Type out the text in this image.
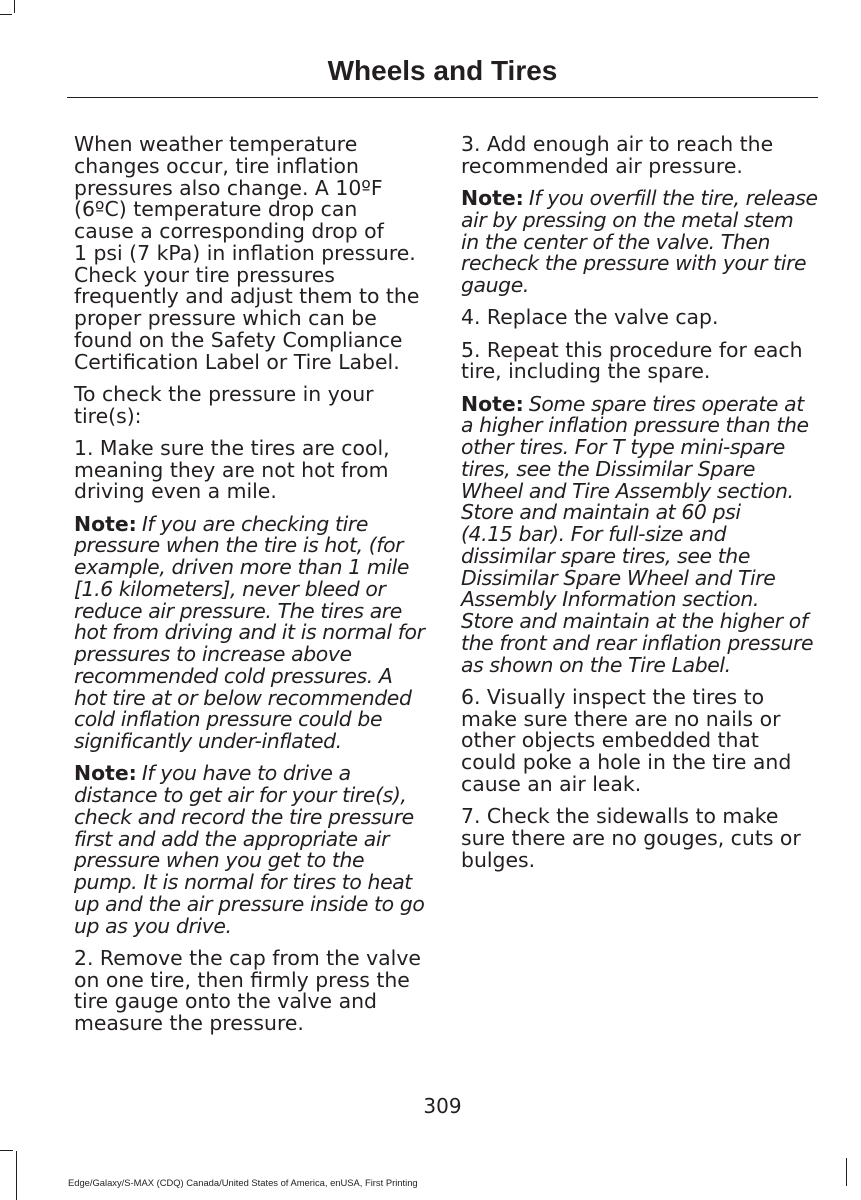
Wheels and Tires

When weather temperature
changes occur, tire inflation
pressures also change. A 10ºF
(6ºC) temperature drop can
cause a corresponding drop of
1 psi (7 kPa) in inflation pressure.
Check your tire pressures
frequently and adjust them to the
proper pressure which can be
found on the Safety Compliance
Certification Label or Tire Label.

To check the pressure in your
tire(s):

1. Make sure the tires are cool,
meaning they are not hot from
driving even a mile.

Note: If you are checking tire
pressure when the tire is hot, (for
example, driven more than 1 mile
[1.6 kilometers], never bleed or
reduce air pressure. The tires are
hot from driving and it is normal for
pressures to increase above
recommended cold pressures. A
hot tire at or below recommended
cold inflation pressure could be
significantly under-inflated.

Note: If you have to drive a
distance to get air for your tire(s),
check and record the tire pressure
first and add the appropriate air
pressure when you get to the
pump. It is normal for tires to heat
up and the air pressure inside to go
up as you drive.

2. Remove the cap from the valve
on one tire, then firmly press the
tire gauge onto the valve and
measure the pressure.

3. Add enough air to reach the
recommended air pressure.

Note: If you overfill the tire, release
air by pressing on the metal stem
in the center of the valve. Then
recheck the pressure with your tire
gauge.

4. Replace the valve cap.

5. Repeat this procedure for each
tire, including the spare.

Note: Some spare tires operate at
a higher inflation pressure than the
other tires. For T type mini-spare
tires, see the Dissimilar Spare
Wheel and Tire Assembly section.
Store and maintain at 60 psi
(4.15 bar). For full-size and
dissimilar spare tires, see the
Dissimilar Spare Wheel and Tire
Assembly Information section.
Store and maintain at the higher of
the front and rear inflation pressure
as shown on the Tire Label.

6. Visually inspect the tires to
make sure there are no nails or
other objects embedded that
could poke a hole in the tire and
cause an air leak.

7. Check the sidewalls to make
sure there are no gouges, cuts or
bulges.

309
Edge/Galaxy/S-MAX (CDQ) Canada/United States of America, enUSA, First Printing
